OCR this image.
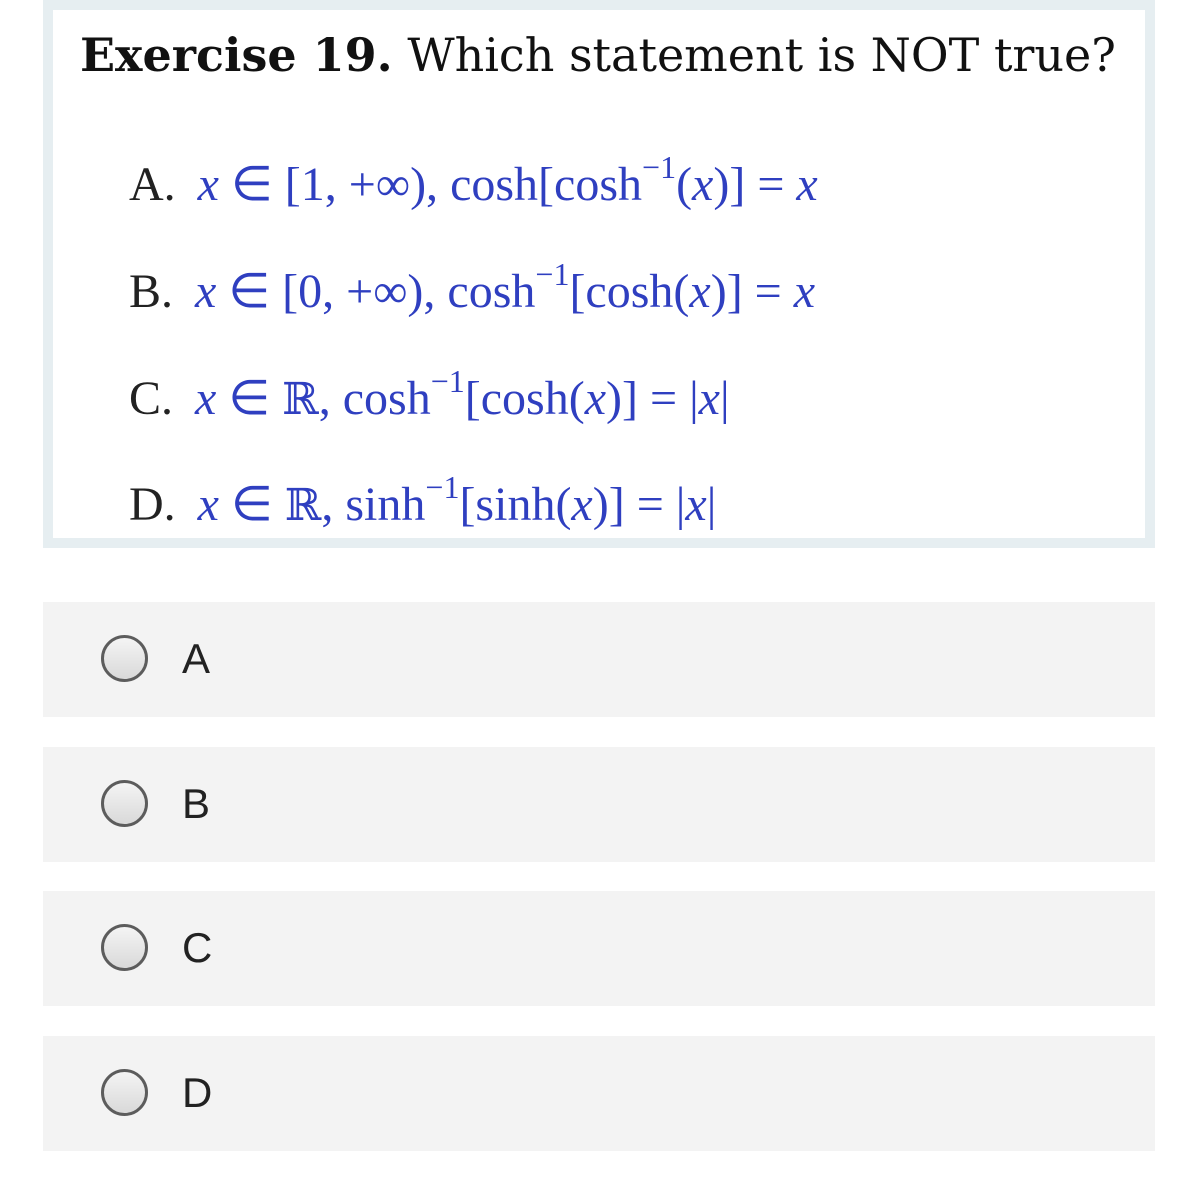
Exercise 19. Which statement is NOT true?
A. x ∈ [1, +∞), $\cosh[\cosh^{-1}(x)] = x$
B. x ∈ [0, +∞), $\cosh^{-1}[\cosh(x)] = x$
C. x ∈ ℝ, $\cosh^{-1}[\cosh(x)] = |x|$
D. x ∈ ℝ, $\sinh^{-1}[\sinh(x)] = |x|$
A
B
C
D
